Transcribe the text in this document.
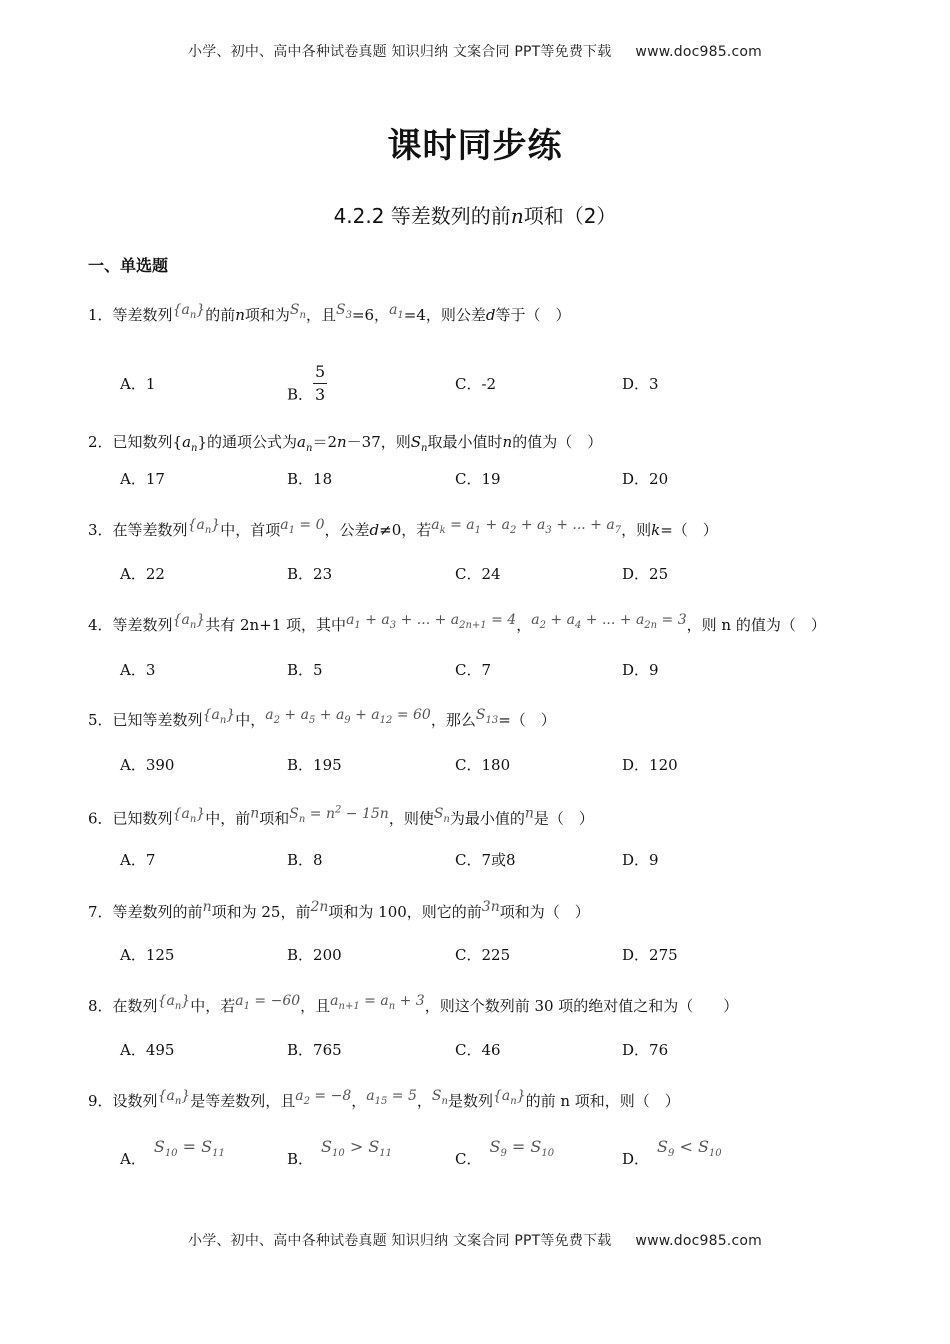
小学、初中、高中各种试卷真题 知识归纳 文案合同 PPT等免费下载 www.doc985.com
课时同步练
4.2.2 等差数列的前n项和（2）
一、单选题
1．等差数列$\{a_n\}$的前n项和为$S_n$，且$S_3=6$，$a_1=4$，则公差d等于（　）
A．1
B． $\frac{5}{3}$	C．-2	D．3
2．已知数列$\{a_n\}$的通项公式为$a_n=2n-37$，则$S_n$取最小值时n的值为（　）
A．17	B．18	C．19	D．20
3．在等差数列$\{a_n\}$中，首项$a_1 = 0$，公差d≠0，若$a_k = a_1 + a_2 + a_3$ + ... + $a_7$，则k=（　）
A．22	B．23	C．24	D．25
4．等差数列$\{a_n\}$共有 2n+1 项，其中$a_1 + a_3$ + ... + $a_{2n+1} = 4$，$a_2 + a_4$ + ... + $a_{2n} = 3$，则 n 的值为（　）
A．3	B．5	C．7	D．9
5．已知等差数列$\{a_n\}$中，$a_2 + a_5 + a_9 + a_{12} = 60$，那么$S_{13}=$（　）
A．390	B．195	C．180	D．120
6．已知数列$\{a_n\}$中，前n项和$S_n = n^2 - 15n$，则使$S_n$为最小值的n是（　）
A．7	B．8	C．7或8	D．9
7．等差数列的前n项和为 25，前2n项和为 100，则它的前3n项和为（　）
A．125	B．200	C．225	D．275
8．在数列$\{a_n\}$中，若$a_1 = -60$，且$a_{n+1} = a_n + 3$，则这个数列前 30 项的绝对值之和为（　　）
A．495	B．765	C．46	D．76
9．设数列$\{a_n\}$是等差数列，且$a_2 = -8$，$a_{15} = 5$，$S_n$是数列$\{a_n\}$的前 n 项和，则（　）
A．$S_{10} = S_{11}$	B．$S_{10} > S_{11}$	C．$S_9 = S_{10}$	D．$S_9 < S_{10}$
小学、初中、高中各种试卷真题 知识归纳 文案合同 PPT等免费下载 www.doc985.com
